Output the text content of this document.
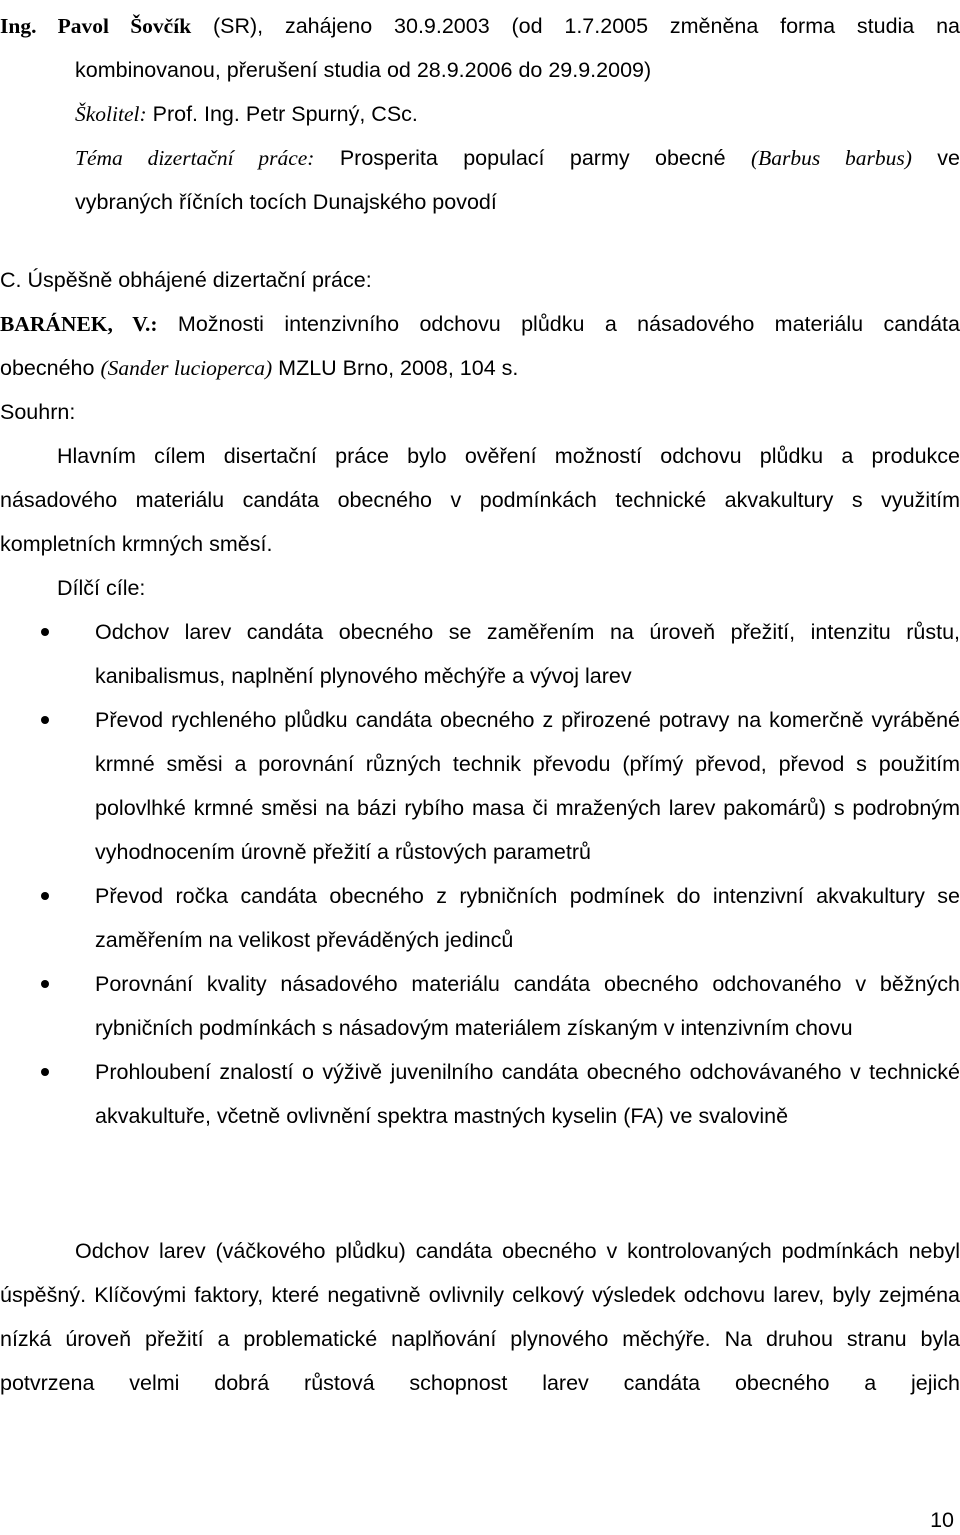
Ing. Pavol Šovčík (SR), zahájeno 30.9.2003 (od 1.7.2005 změněna forma studia na

kombinovanou, přerušení studia od 28.9.2006 do 29.9.2009)

Školitel: Prof. Ing. Petr Spurný, CSc.

Téma dizertační práce: Prosperita populací parmy obecné (Barbus barbus) ve

vybraných říčních tocích Dunajského povodí

C. Úspěšně obhájené dizertační práce:

BARÁNEK, V.: Možnosti intenzivního odchovu plůdku a násadového materiálu candáta

obecného (Sander lucioperca) MZLU Brno, 2008, 104 s.

Souhrn:

Hlavním cílem disertační práce bylo ověření možností odchovu plůdku a produkce násadového materiálu candáta obecného v podmínkách technické akvakultury s využitím kompletních krmných směsí.

Dílčí cíle:

Odchov larev candáta obecného se zaměřením na úroveň přežití, intenzitu růstu, kanibalismus, naplnění plynového měchýře a vývoj larev

Převod rychleného plůdku candáta obecného z přirozené potravy na komerčně vyráběné krmné směsi a porovnání různých technik převodu (přímý převod, převod s použitím polovlhké krmné směsi na bázi rybího masa či mražených larev pakomárů) s podrobným vyhodnocením úrovně přežití a růstových parametrů

Převod ročka candáta obecného z rybničních podmínek do intenzivní akvakultury se zaměřením na velikost převáděných jedinců

Porovnání kvality násadového materiálu candáta obecného odchovaného v běžných rybničních podmínkách s násadovým materiálem získaným v intenzivním chovu

Prohloubení znalostí o výživě juvenilního candáta obecného odchovávaného v technické akvakultuře, včetně ovlivnění spektra mastných kyselin (FA) ve svalovině

Odchov larev (váčkového plůdku) candáta obecného v kontrolovaných podmínkách nebyl úspěšný. Klíčovými faktory, které negativně ovlivnily celkový výsledek odchovu larev, byly zejména nízká úroveň přežití a problematické naplňování plynového měchýře. Na druhou stranu byla potvrzena velmi dobrá růstová schopnost larev candáta obecného a jejich

10
